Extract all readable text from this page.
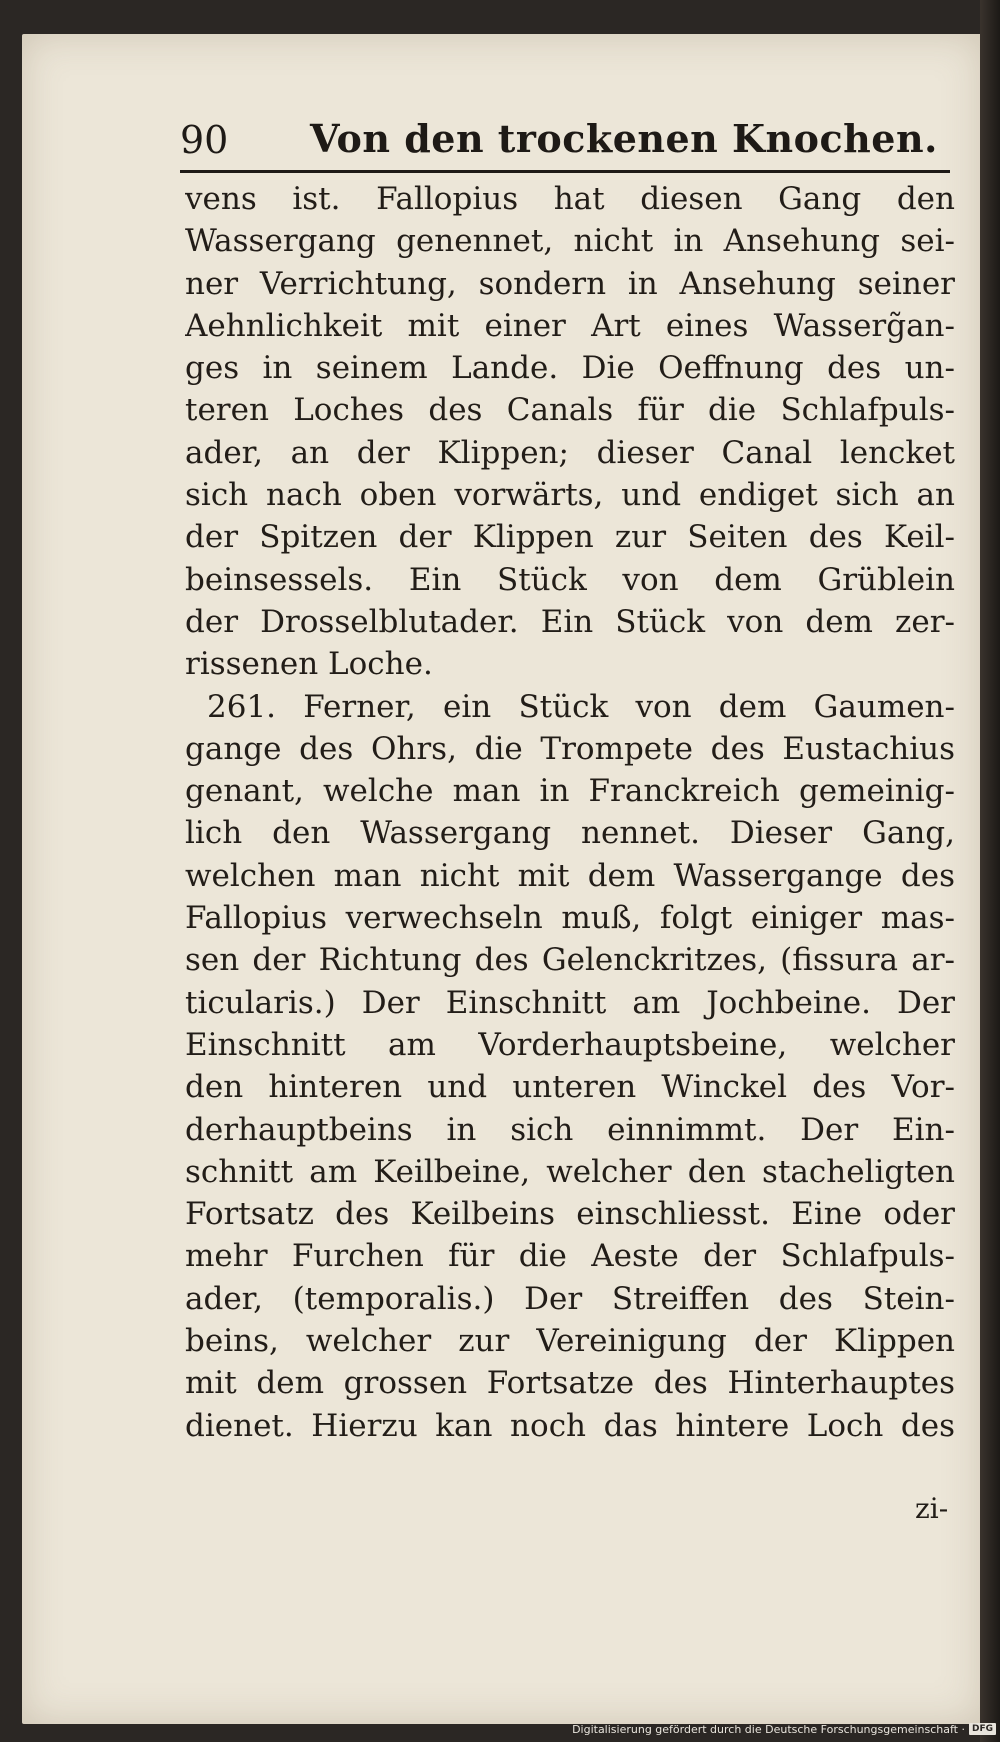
90 Von den trockenen Knochen.
vens ist. Fallopius hat diesen Gang den
Wassergang genennet, nicht in Ansehung sei-
ner Verrichtung, sondern in Ansehung seiner
Aehnlichkeit mit einer Art eines Wasserg̃an-
ges in seinem Lande. Die Oeffnung des un-
teren Loches des Canals für die Schlafpuls-
ader, an der Klippen; dieser Canal lencket
sich nach oben vorwärts, und endiget sich an
der Spitzen der Klippen zur Seiten des Keil-
beinsessels. Ein Stück von dem Grüblein
der Drosselblutader. Ein Stück von dem zer-
rissenen Loche.
261. Ferner, ein Stück von dem Gaumen-
gange des Ohrs, die Trompete des Eustachius
genant, welche man in Franckreich gemeinig-
lich den Wassergang nennet. Dieser Gang,
welchen man nicht mit dem Wassergange des
Fallopius verwechseln muß, folgt einiger mas-
sen der Richtung des Gelenckritzes, (fissura ar-
ticularis.) Der Einschnitt am Jochbeine. Der
Einschnitt am Vorderhauptsbeine, welcher
den hinteren und unteren Winckel des Vor-
derhauptbeins in sich einnimmt. Der Ein-
schnitt am Keilbeine, welcher den stacheligten
Fortsatz des Keilbeins einschliesst. Eine oder
mehr Furchen für die Aeste der Schlafpuls-
ader, (temporalis.) Der Streiffen des Stein-
beins, welcher zur Vereinigung der Klippen
mit dem grossen Fortsatze des Hinterhauptes
dienet. Hierzu kan noch das hintere Loch des
zi-
Digitalisierung gefördert durch die Deutsche Forschungsgemeinschaft · DFG
